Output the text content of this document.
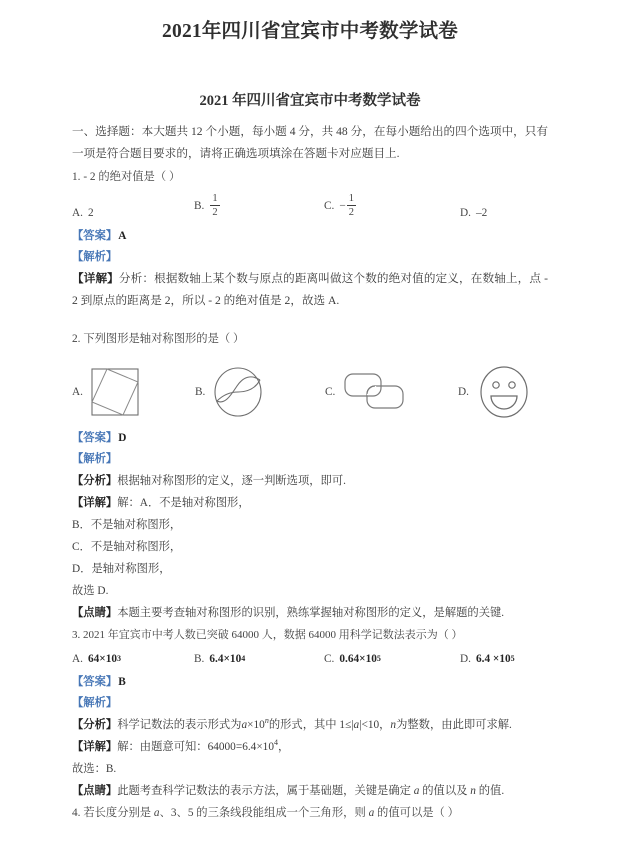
2021年四川省宜宾市中考数学试卷
2021 年四川省宜宾市中考数学试卷

一、选择题：本大题共 12 个小题，每小题 4 分，共 48 分，在每小题给出的四个选项中，只有一项是符合题目要求的，请将正确选项填涂在答题卡对应题目上.

1. - 2 的绝对值是（ ）

A. 2
B. $\frac{1}{2}$	C. − $\frac{1}{2}$	D. –2

【答案】A

【解析】

【详解】分析：根据数轴上某个数与原点的距离叫做这个数的绝对值的定义，在数轴上，点 - 2 到原点的距离是 2，所以 - 2 的绝对值是 2，故选 A.

2. 下列图形是轴对称图形的是（ ）

A.	B.	C.	D.

【答案】D

【解析】

【分析】根据轴对称图形的定义，逐一判断选项，即可.

【详解】解：A．不是轴对称图形，

B．不是轴对称图形，

C．不是轴对称图形，

D．是轴对称图形，

故选 D.

【点睛】本题主要考查轴对称图形的识别，熟练掌握轴对称图形的定义，是解题的关键.

3. 2021 年宜宾市中考人数已突破 64000 人，数据 64000 用科学记数法表示为（ ）

A. 64×10 3	B. 6.4×10 4	C. 0.64×10 5	D. 6.4 ×10 5

【答案】B

【解析】

【分析】科学记数法的表示形式为$a\times 10^n$的形式，其中 1≤|a|<10，n为整数，由此即可求解.

【详解】解：由题意可知：$64000=6.4\times 10^4$，

故选：B.

【点睛】此题考查科学记数法的表示方法，属于基础题，关键是确定 a 的值以及 n 的值.

4. 若长度分别是 a、3、5 的三条线段能组成一个三角形，则 a 的值可以是（ ）
